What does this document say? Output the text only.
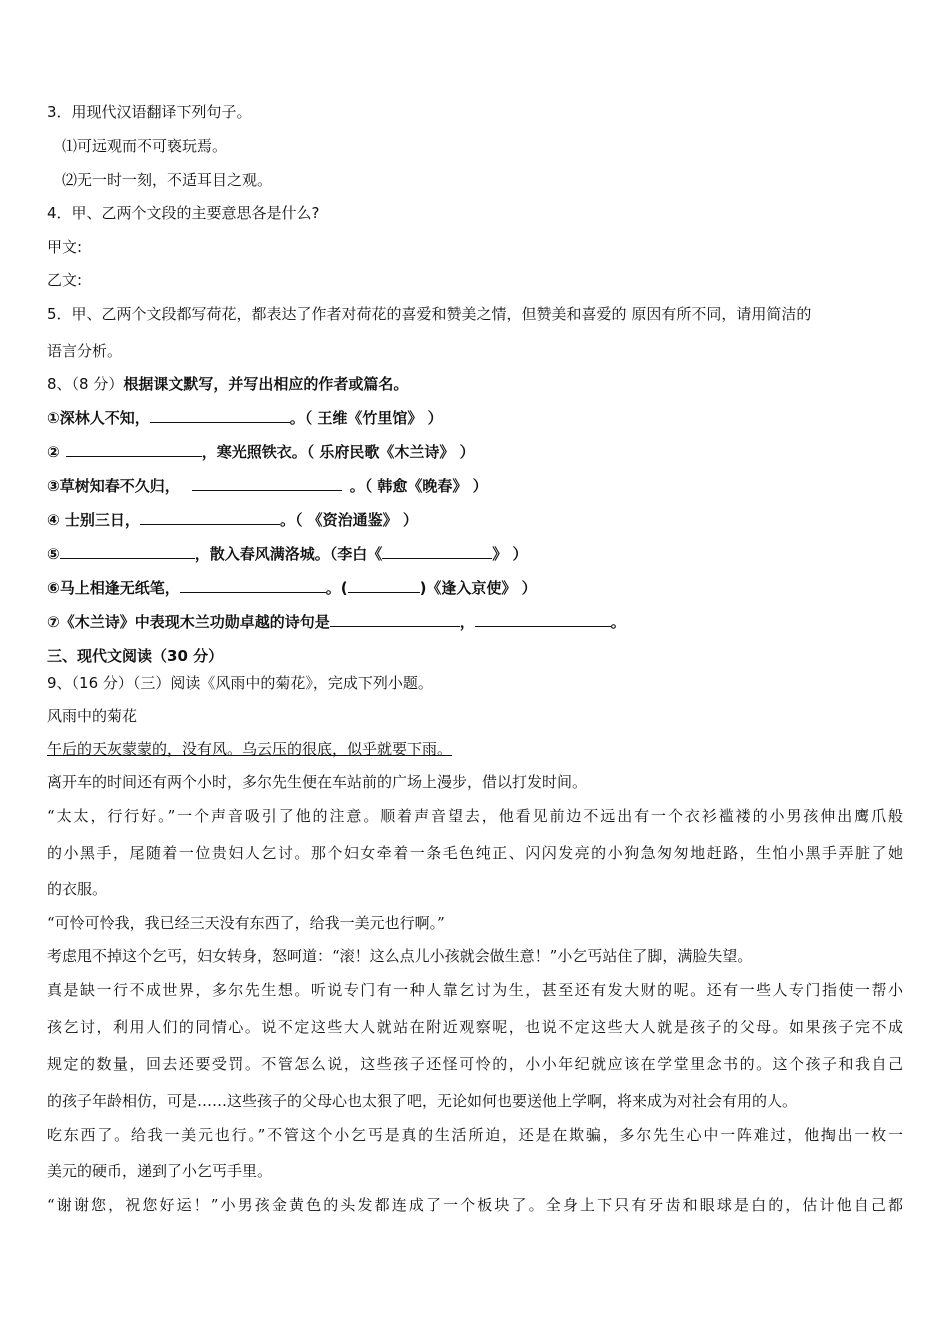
3．用现代汉语翻译下列句子。
⑴可远观而不可亵玩焉。
⑵无一时一刻，不适耳目之观。
4．甲、乙两个文段的主要意思各是什么?
甲文:
乙文:
5．甲、乙两个文段都写荷花，都表达了作者对荷花的喜爱和赞美之情，但赞美和喜爱的 原因有所不同，请用简洁的
语言分析。
8、（8 分）根据课文默写，并写出相应的作者或篇名。
①深林人不知，	。（ 王维《竹里馆》 ）
②	，寒光照铁衣。（ 乐府民歌《木兰诗》 ）
③草树知春不久归，	。（ 韩愈《晚春》 ）
④ 士别三日，	。（ 《资治通鉴》 ）
⑤	，散入春风满洛城。（李白《	》 ）
⑥马上相逢无纸笔，	。(	)《逢入京使》 ）
⑦《木兰诗》中表现木兰功勋卓越的诗句是	，	。
三、现代文阅读（30 分）
9、（16 分）（三）阅读《风雨中的菊花》，完成下列小题。
风雨中的菊花
午后的天灰蒙蒙的，没有风。乌云压的很底，似乎就要下雨。
离开车的时间还有两个小时，多尔先生便在车站前的广场上漫步，借以打发时间。
“太太，行行好。”一个声音吸引了他的注意。顺着声音望去，他看见前边不远出有一个衣衫褴褛的小男孩伸出鹰爪般
的小黑手，尾随着一位贵妇人乞讨。那个妇女牵着一条毛色纯正、闪闪发亮的小狗急匆匆地赶路，生怕小黑手弄脏了她
的衣服。
“可怜可怜我，我已经三天没有东西了，给我一美元也行啊。”
考虑甩不掉这个乞丐，妇女转身，怒呵道：“滚！这么点儿小孩就会做生意！”小乞丐站住了脚，满脸失望。
真是缺一行不成世界，多尔先生想。听说专门有一种人靠乞讨为生，甚至还有发大财的呢。还有一些人专门指使一帮小
孩乞讨，利用人们的同情心。说不定这些大人就站在附近观察呢，也说不定这些大人就是孩子的父母。如果孩子完不成
规定的数量，回去还要受罚。不管怎么说，这些孩子还怪可怜的，小小年纪就应该在学堂里念书的。这个孩子和我自己
的孩子年龄相仿，可是……这些孩子的父母心也太狠了吧，无论如何也要送他上学啊，将来成为对社会有用的人。
吃东西了。给我一美元也行。”不管这个小乞丐是真的生活所迫，还是在欺骗，多尔先生心中一阵难过，他掏出一枚一
美元的硬币，递到了小乞丐手里。
“谢谢您，祝您好运！”小男孩金黄色的头发都连成了一个板块了。全身上下只有牙齿和眼球是白的，估计他自己都
